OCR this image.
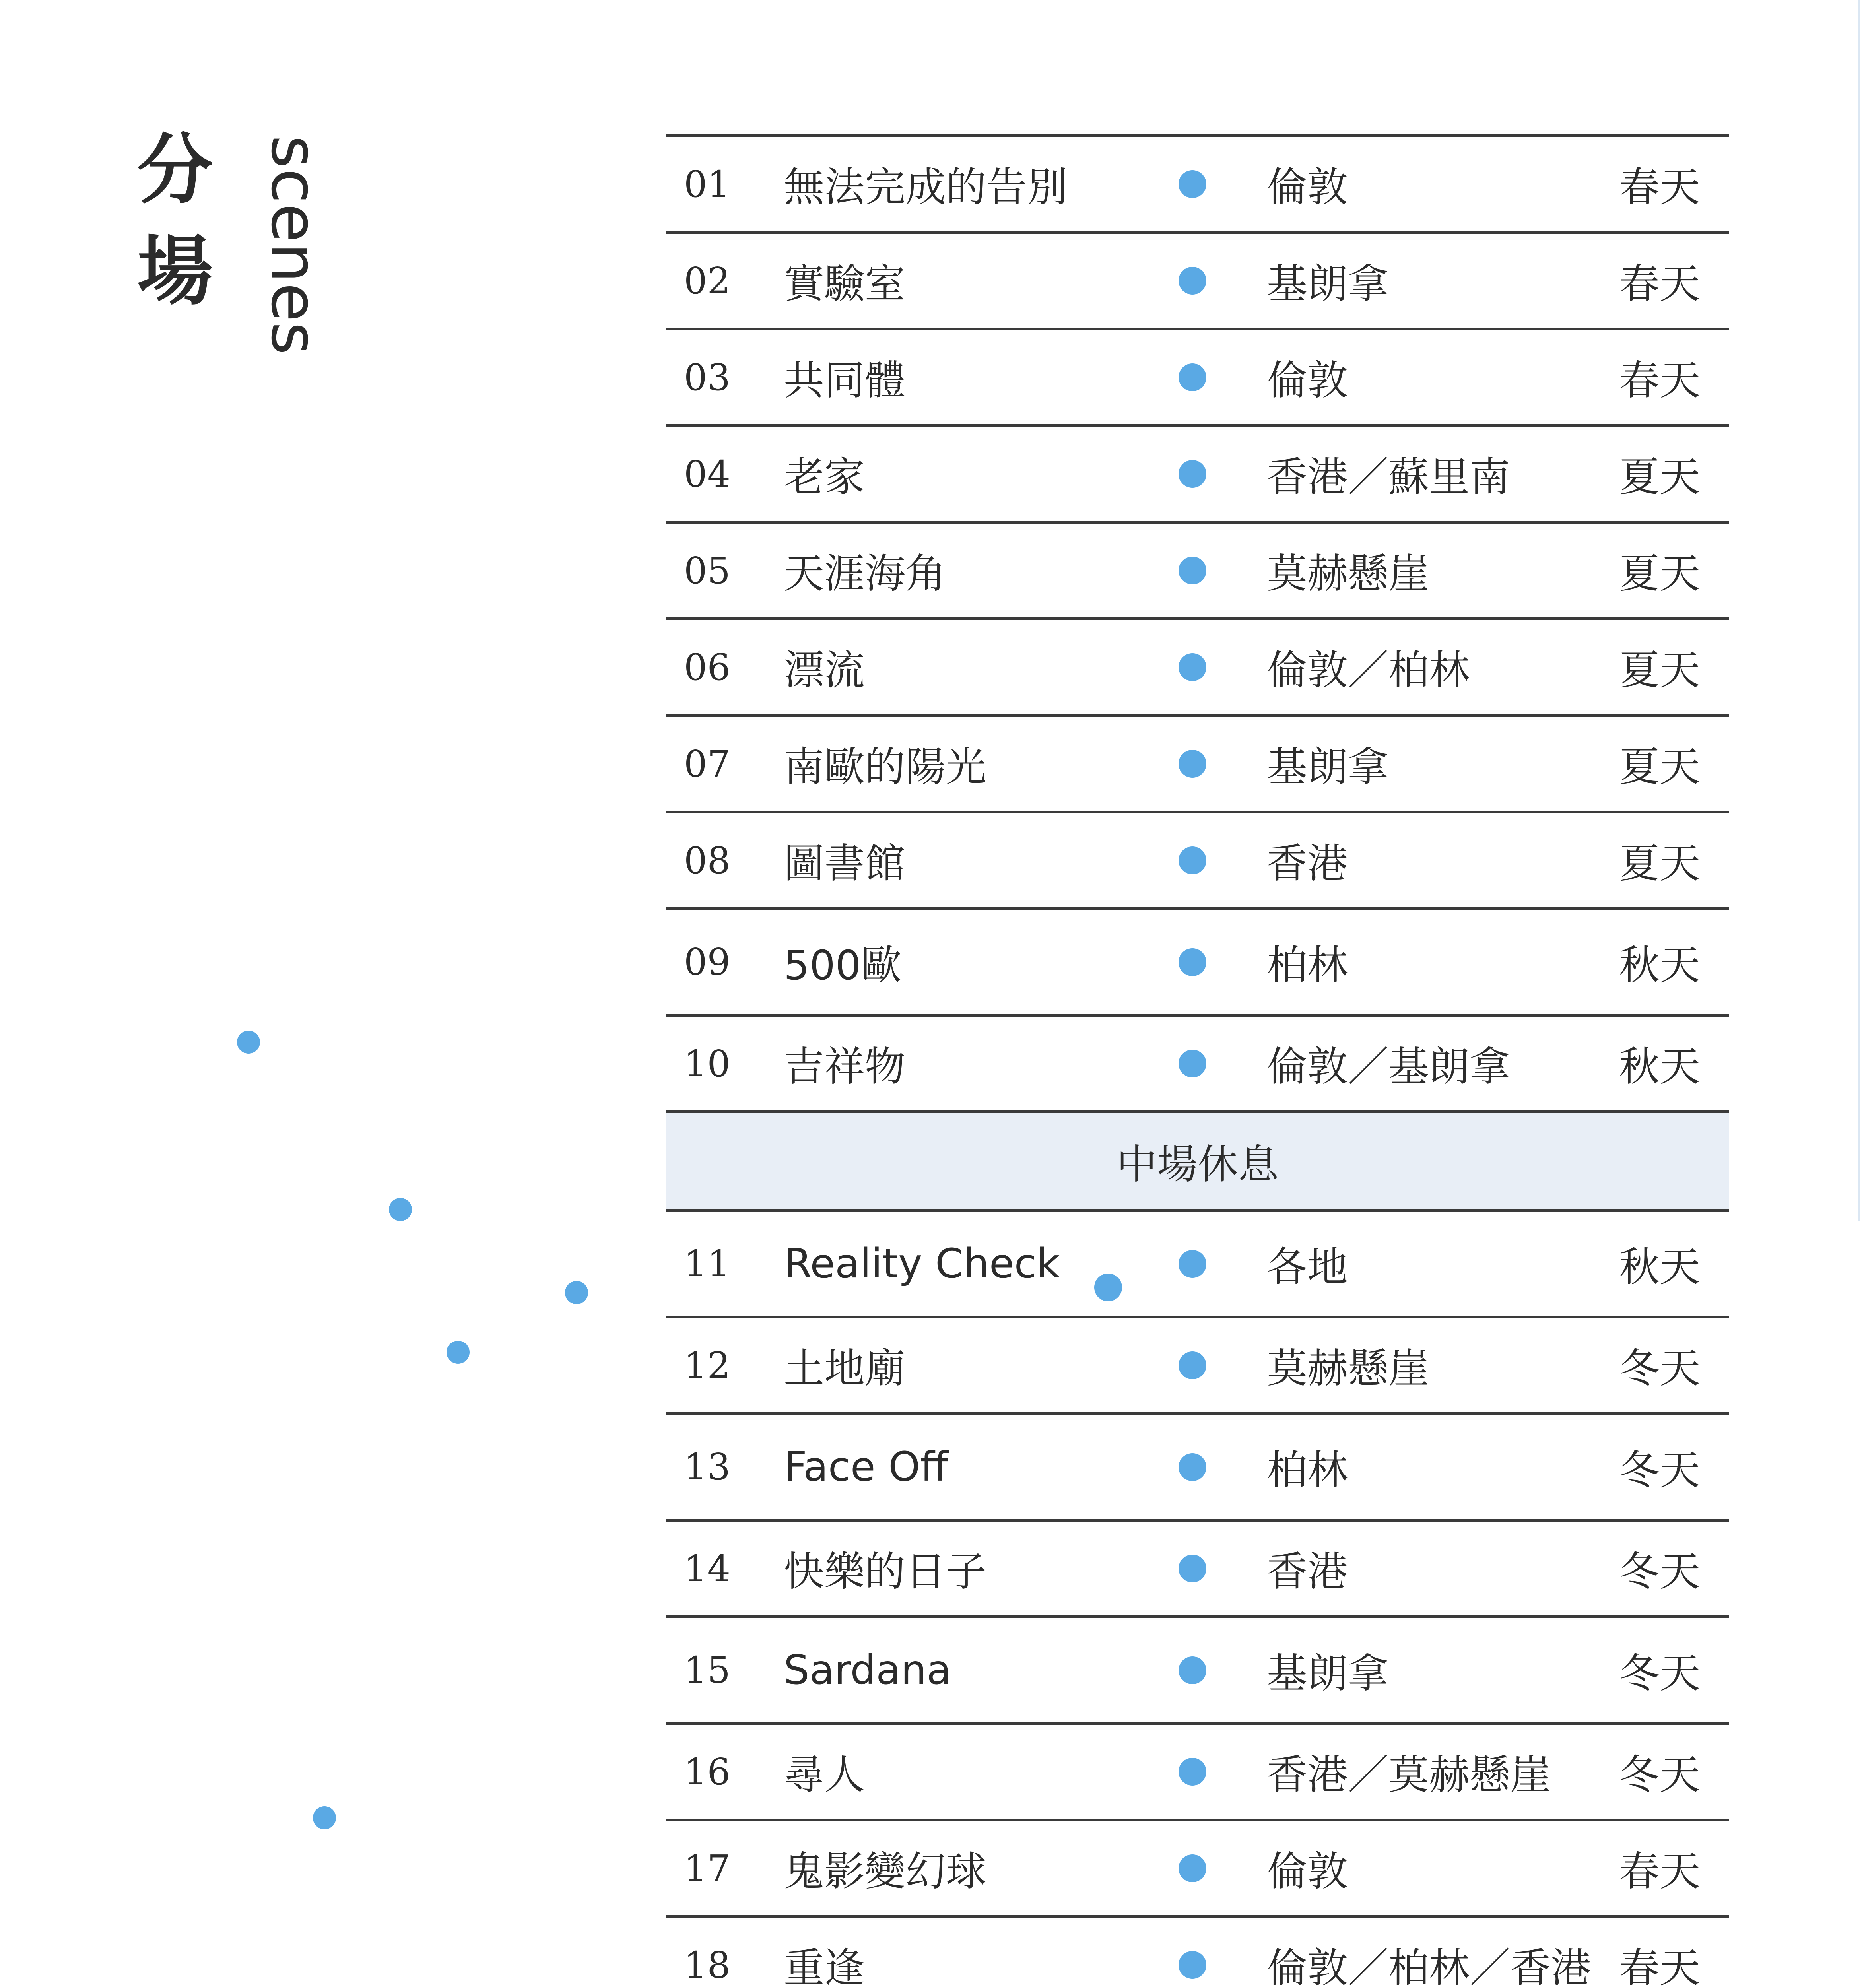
分
場 scenes	01 無法完成的告別	倫敦	春天
02 實驗室	基朗拿	春天
03 共同體	倫敦	春天
04 老家	香港／蘇里南	夏天
05 天涯海角	莫赫懸崖	夏天
06 漂流	倫敦／柏林	夏天
07 南歐的陽光	基朗拿	夏天
08 圖書館	香港	夏天
09 500歐	柏林	秋天
10 吉祥物	倫敦／基朗拿	秋天
中場休息
11 Reality Check	各地	秋天
12 土地廟	莫赫懸崖	冬天
13 Face Off	柏林	冬天
14 快樂的日子	香港	冬天
15 Sardana	基朗拿	冬天
16 尋人	香港／莫赫懸崖 冬天
17 鬼影變幻球	倫敦	春天
18 重逢	倫敦／柏林／香港 春天
